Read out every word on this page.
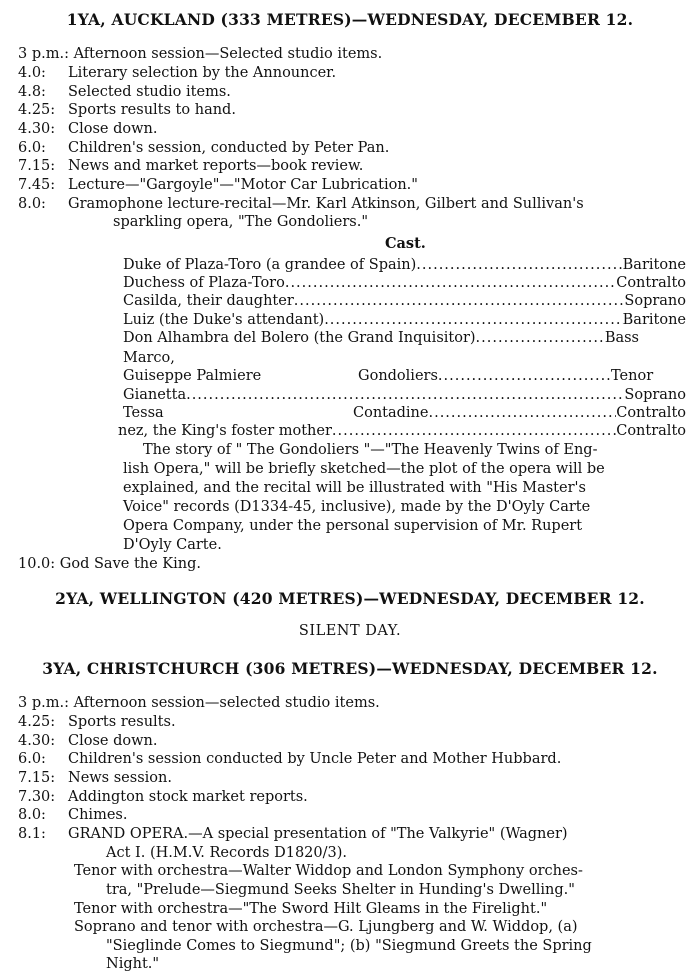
1YA, AUCKLAND (333 METRES)—WEDNESDAY, DECEMBER 12.
3 p.m.: Afternoon session—Selected studio items.
4.0: Literary selection by the Announcer.
4.8: Selected studio items.
4.25: Sports results to hand.
4.30: Close down.
6.0: Children's session, conducted by Peter Pan.
7.15: News and market reports—book review.
7.45: Lecture—"Gargoyle"—"Motor Car Lubrication."
8.0: Gramophone lecture-recital—Mr. Karl Atkinson, Gilbert and Sullivan's
sparkling opera, "The Gondoliers."
Cast.
Duke of Plaza-Toro (a grandee of Spain) .....	Baritone
Duchess of Plaza-Toro .....	Contralto
Casilda, their daughter .....	Soprano
Luiz (the Duke's attendant) .....	Baritone
Don Alhambra del Bolero (the Grand Inquisitor) .....	Bass
Marco,
Guiseppe Palmiere	Gondoliers .....	Tenor
Gianetta .....	Soprano
Tessa	Contadine .....	Contralto
nez, the King's foster mother .....	Contralto
The story of " The Gondoliers "—"The Heavenly Twins of Eng-
lish Opera," will be briefly sketched—the plot of the opera will be
explained, and the recital will be illustrated with "His Master's
Voice" records (D1334-45, inclusive), made by the D'Oyly Carte
Opera Company, under the personal supervision of Mr. Rupert
D'Oyly Carte.
10.0: God Save the King.
2YA, WELLINGTON (420 METRES)—WEDNESDAY, DECEMBER 12.
SILENT DAY.
3YA, CHRISTCHURCH (306 METRES)—WEDNESDAY, DECEMBER 12.
3 p.m.: Afternoon session—selected studio items.
4.25: Sports results.
4.30: Close down.
6.0: Children's session conducted by Uncle Peter and Mother Hubbard.
7.15: News session.
7.30: Addington stock market reports.
8.0: Chimes.
8.1: GRAND OPERA.—A special presentation of "The Valkyrie" (Wagner)
Act I. (H.M.V. Records D1820/3).
Tenor with orchestra—Walter Widdop and London Symphony orches-
tra, "Prelude—Siegmund Seeks Shelter in Hunding's Dwelling."
Tenor with orchestra—"The Sword Hilt Gleams in the Firelight."
Soprano and tenor with orchestra—G. Ljungberg and W. Widdop, (a)
"Sieglinde Comes to Siegmund"; (b) "Siegmund Greets the Spring
Night."
